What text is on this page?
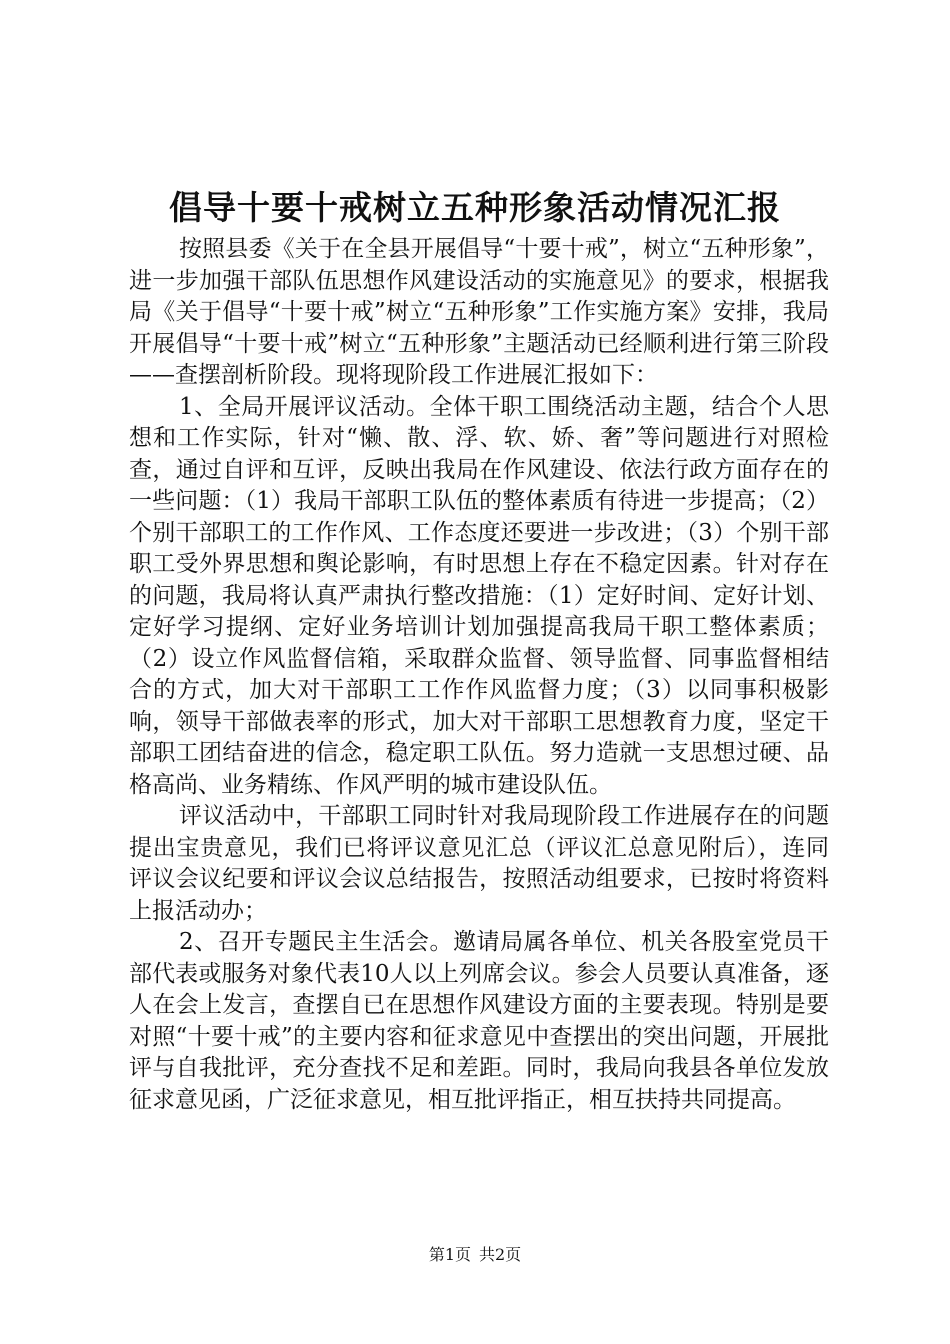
倡导十要十戒树立五种形象活动情况汇报

按照县委《关于在全县开展倡导“十要十戒”，树立“五种形象”，进一步加强干部队伍思想作风建设活动的实施意见》的要求，根据我局《关于倡导“十要十戒”树立“五种形象”工作实施方案》安排，我局开展倡导“十要十戒”树立“五种形象”主题活动已经顺利进行第三阶段——查摆剖析阶段。现将现阶段工作进展汇报如下：

1、全局开展评议活动。全体干职工围绕活动主题，结合个人思想和工作实际，针对“懒、散、浮、软、娇、奢”等问题进行对照检查，通过自评和互评，反映出我局在作风建设、依法行政方面存在的一些问题：（1）我局干部职工队伍的整体素质有待进一步提高；（2）个别干部职工的工作作风、工作态度还要进一步改进；（3）个别干部职工受外界思想和舆论影响，有时思想上存在不稳定因素。针对存在的问题，我局将认真严肃执行整改措施：（1）定好时间、定好计划、定好学习提纲、定好业务培训计划加强提高我局干职工整体素质；（2）设立作风监督信箱，采取群众监督、领导监督、同事监督相结合的方式，加大对干部职工工作作风监督力度；（3）以同事积极影响，领导干部做表率的形式，加大对干部职工思想教育力度，坚定干部职工团结奋进的信念，稳定职工队伍。努力造就一支思想过硬、品格高尚、业务精练、作风严明的城市建设队伍。

评议活动中，干部职工同时针对我局现阶段工作进展存在的问题提出宝贵意见，我们已将评议意见汇总（评议汇总意见附后），连同评议会议纪要和评议会议总结报告，按照活动组要求，已按时将资料上报活动办；

2、召开专题民主生活会。邀请局属各单位、机关各股室党员干部代表或服务对象代表10人以上列席会议。参会人员要认真准备，逐人在会上发言，查摆自已在思想作风建设方面的主要表现。特别是要对照“十要十戒”的主要内容和征求意见中查摆出的突出问题，开展批评与自我批评，充分查找不足和差距。同时，我局向我县各单位发放征求意见函，广泛征求意见，相互批评指正，相互扶持共同提高。

第1页 共2页
